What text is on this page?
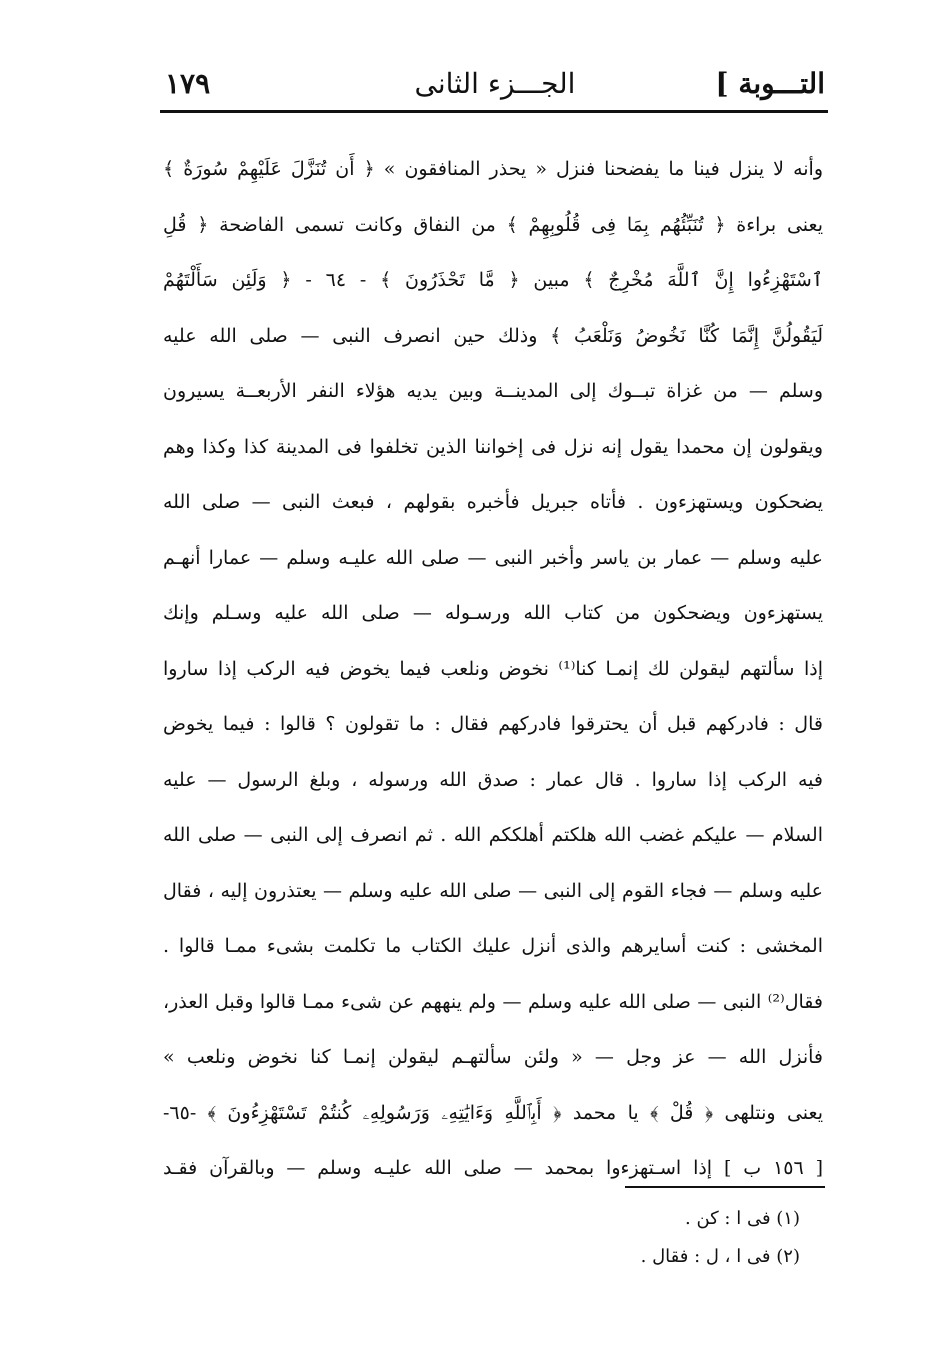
التـــوبة ]
الجـــزء الثانى
١٧٩
وأنه لا ينزل فينا ما يفضحنا فنزل « يحذر المنافقون » ﴿ أَن تُنَزَّلَ عَلَيْهِمْ سُورَةٌ ﴾
يعنى براءة ﴿ تُنَبِّئُهُم بِمَا فِى قُلُوبِهِمْ ﴾ من النفاق وكانت تسمى الفاضحة ﴿ قُلِ
ٱسْتَهْزِءُوا إِنَّ ٱللَّهَ مُخْرِجٌ ﴾ مبين ﴿ مَّا تَحْذَرُونَ ﴾ - ٦٤ - ﴿ وَلَئِن سَأَلْتَهُمْ
لَيَقُولُنَّ إِنَّمَا كُنَّا نَخُوضُ وَنَلْعَبُ ﴾ وذلك حين انصرف النبى — صلى الله عليه
وسلم — من غزاة تبــوك إلى المدينــة وبين يديه هؤلاء النفر الأربعــة يسيرون
ويقولون إن محمدا يقول إنه نزل فى إخواننا الذين تخلفوا فى المدينة كذا وكذا وهم
يضحكون ويستهزءون . فأتاه جبريل فأخبره بقولهم ، فبعث النبى — صلى الله
عليه وسلم — عمار بن ياسر وأخبر النبى — صلى الله عليـه وسلم — عمارا أنهـم
يستهزءون ويضحكون من كتاب الله ورسـوله — صلى الله عليه وسـلم وإنك
إذا سألتهم ليقولن لك إنمـا كنا⁽¹⁾ نخوض ونلعب فيما يخوض فيه الركب إذا ساروا
قال : فادركهم قبل أن يحترقوا فادركهم فقال : ما تقولون ؟ قالوا : فيما يخوض
فيه الركب إذا ساروا . قال عمار : صدق الله ورسوله ، وبلغ الرسول — عليه
السلام — عليكم غضب الله هلكتم أهلككم الله . ثم انصرف إلى النبى — صلى الله
عليه وسلم — فجاء القوم إلى النبى — صلى الله عليه وسلم — يعتذرون إليه ، فقال
المخشى : كنت أسايرهم والذى أنزل عليك الكتاب ما تكلمت بشىء ممـا قالوا .
فقال⁽²⁾ النبى — صلى الله عليه وسلم — ولم ينههم عن شىء ممـا قالوا وقبل العذر،
فأنزل الله — عز وجل — « ولئن سألتهـم ليقولن إنمـا كنا نخوض ونلعب »
يعنى ونتلهى ﴿ قُلْ ﴾ يا محمد ﴿ أَبِٱللَّهِ وَءَايَٰتِهِۦ وَرَسُولِهِۦ كُنتُمْ تَسْتَهْزِءُونَ ﴾ -٦٥-
[ ١٥٦ ب ] إذا اسـتهزءوا بمحمد — صلى الله عليـه وسلم — وبالقرآن فقـد
(١) فى ا : كن .
(٢) فى ا ، ل : فقال .
